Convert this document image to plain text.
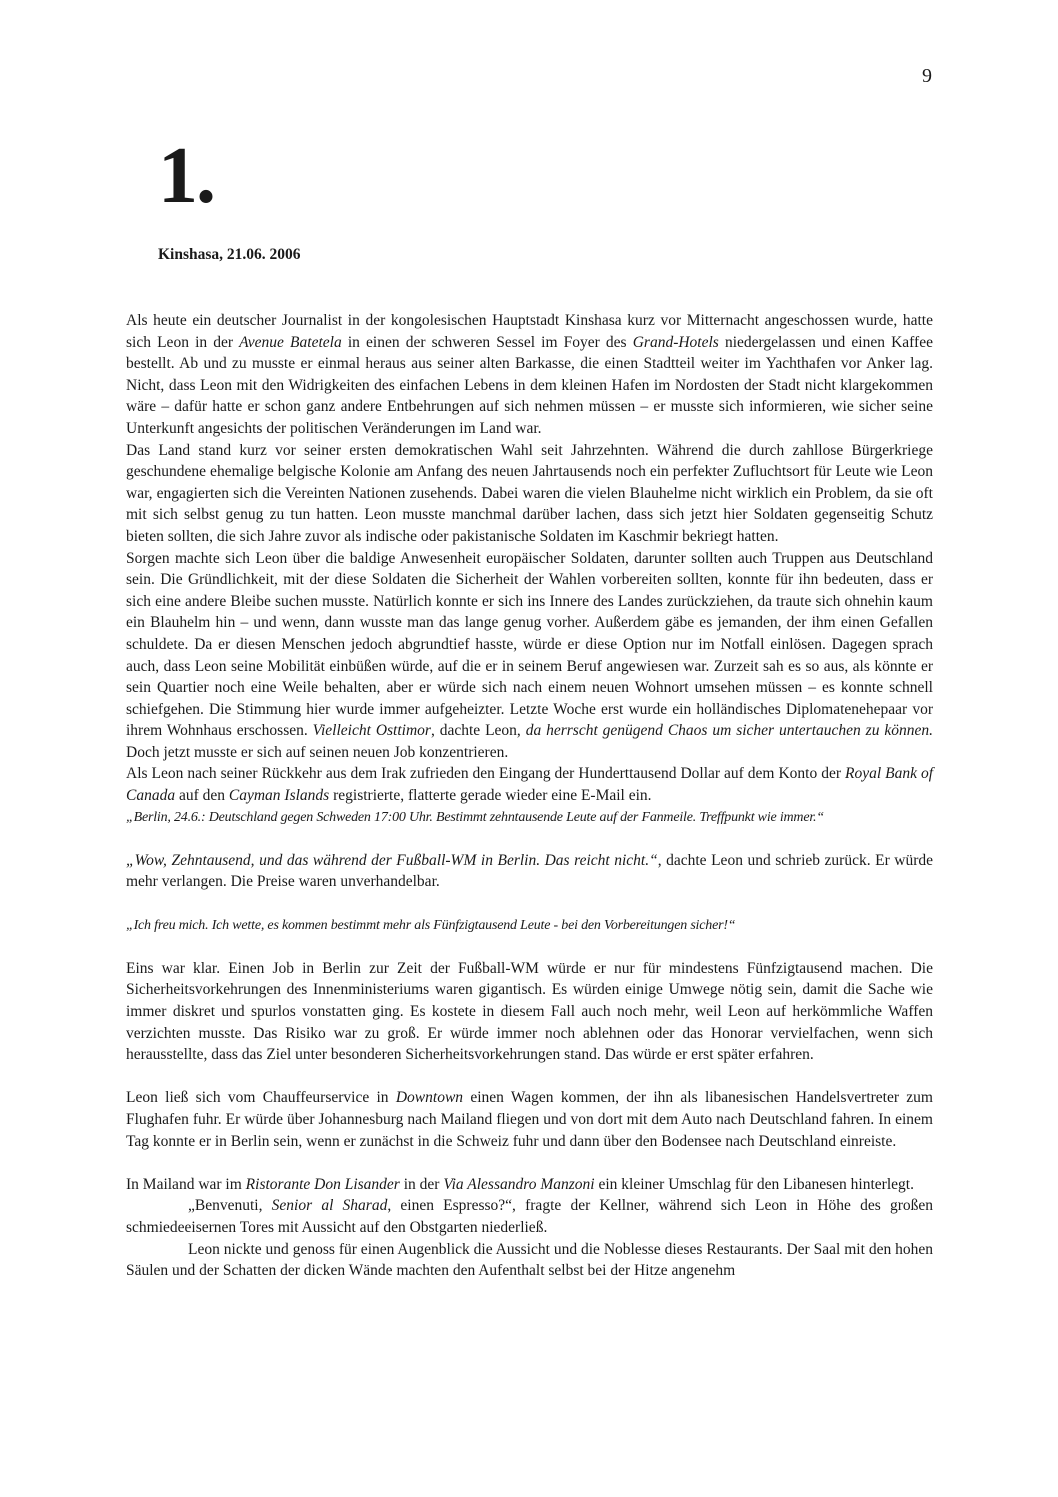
9
1.
Kinshasa, 21.06. 2006

Als heute ein deutscher Journalist in der kongolesischen Hauptstadt Kinshasa kurz vor Mitternacht angeschossen wurde, hatte sich Leon in der Avenue Batetela in einen der schweren Sessel im Foyer des Grand-Hotels niedergelassen und einen Kaffee bestellt. Ab und zu musste er einmal heraus aus seiner alten Barkasse, die einen Stadtteil weiter im Yachthafen vor Anker lag. Nicht, dass Leon mit den Widrigkeiten des einfachen Lebens in dem kleinen Hafen im Nordosten der Stadt nicht klargekommen wäre – dafür hatte er schon ganz andere Entbehrungen auf sich nehmen müssen – er musste sich informieren, wie sicher seine Unterkunft angesichts der politischen Veränderungen im Land war.

Das Land stand kurz vor seiner ersten demokratischen Wahl seit Jahrzehnten. Während die durch zahllose Bürgerkriege geschundene ehemalige belgische Kolonie am Anfang des neuen Jahrtausends noch ein perfekter Zufluchtsort für Leute wie Leon war, engagierten sich die Vereinten Nationen zusehends. Dabei waren die vielen Blauhelme nicht wirklich ein Problem, da sie oft mit sich selbst genug zu tun hatten. Leon musste manchmal darüber lachen, dass sich jetzt hier Soldaten gegenseitig Schutz bieten sollten, die sich Jahre zuvor als indische oder pakistanische Soldaten im Kaschmir bekriegt hatten.

Sorgen machte sich Leon über die baldige Anwesenheit europäischer Soldaten, darunter sollten auch Truppen aus Deutschland sein. Die Gründlichkeit, mit der diese Soldaten die Sicherheit der Wahlen vorbereiten sollten, konnte für ihn bedeuten, dass er sich eine andere Bleibe suchen musste. Natürlich konnte er sich ins Innere des Landes zurückziehen, da traute sich ohnehin kaum ein Blauhelm hin – und wenn, dann wusste man das lange genug vorher. Außerdem gäbe es jemanden, der ihm einen Gefallen schuldete. Da er diesen Menschen jedoch abgrundtief hasste, würde er diese Option nur im Notfall einlösen. Dagegen sprach auch, dass Leon seine Mobilität einbüßen würde, auf die er in seinem Beruf angewiesen war. Zurzeit sah es so aus, als könnte er sein Quartier noch eine Weile behalten, aber er würde sich nach einem neuen Wohnort umsehen müssen – es konnte schnell schiefgehen. Die Stimmung hier wurde immer aufgeheizter. Letzte Woche erst wurde ein holländisches Diplomatenehepaar vor ihrem Wohnhaus erschossen. Vielleicht Osttimor, dachte Leon, da herrscht genügend Chaos um sicher untertauchen zu können. Doch jetzt musste er sich auf seinen neuen Job konzentrieren.

Als Leon nach seiner Rückkehr aus dem Irak zufrieden den Eingang der Hunderttausend Dollar auf dem Konto der Royal Bank of Canada auf den Cayman Islands registrierte, flatterte gerade wieder eine E-Mail ein.

„Berlin, 24.6.: Deutschland gegen Schweden 17:00 Uhr. Bestimmt zehntausende Leute auf der Fanmeile. Treffpunkt wie immer.“

„Wow, Zehntausend, und das während der Fußball-WM in Berlin. Das reicht nicht.“, dachte Leon und schrieb zurück. Er würde mehr verlangen. Die Preise waren unverhandelbar.

„Ich freu mich. Ich wette, es kommen bestimmt mehr als Fünfzigtausend Leute - bei den Vorbereitungen sicher!“

Eins war klar. Einen Job in Berlin zur Zeit der Fußball-WM würde er nur für mindestens Fünfzigtausend machen. Die Sicherheitsvorkehrungen des Innenministeriums waren gigantisch. Es würden einige Umwege nötig sein, damit die Sache wie immer diskret und spurlos vonstatten ging. Es kostete in diesem Fall auch noch mehr, weil Leon auf herkömmliche Waffen verzichten musste. Das Risiko war zu groß. Er würde immer noch ablehnen oder das Honorar vervielfachen, wenn sich herausstellte, dass das Ziel unter besonderen Sicherheitsvorkehrungen stand. Das würde er erst später erfahren.

Leon ließ sich vom Chauffeurservice in Downtown einen Wagen kommen, der ihn als libanesischen Handelsvertreter zum Flughafen fuhr. Er würde über Johannesburg nach Mailand fliegen und von dort mit dem Auto nach Deutschland fahren. In einem Tag konnte er in Berlin sein, wenn er zunächst in die Schweiz fuhr und dann über den Bodensee nach Deutschland einreiste.

In Mailand war im Ristorante Don Lisander in der Via Alessandro Manzoni ein kleiner Umschlag für den Libanesen hinterlegt.

„Benvenuti, Senior al Sharad, einen Espresso?“, fragte der Kellner, während sich Leon in Höhe des großen schmiedeeisernen Tores mit Aussicht auf den Obstgarten niederließ.

Leon nickte und genoss für einen Augenblick die Aussicht und die Noblesse dieses Restaurants. Der Saal mit den hohen Säulen und der Schatten der dicken Wände machten den Aufenthalt selbst bei der Hitze angenehm
